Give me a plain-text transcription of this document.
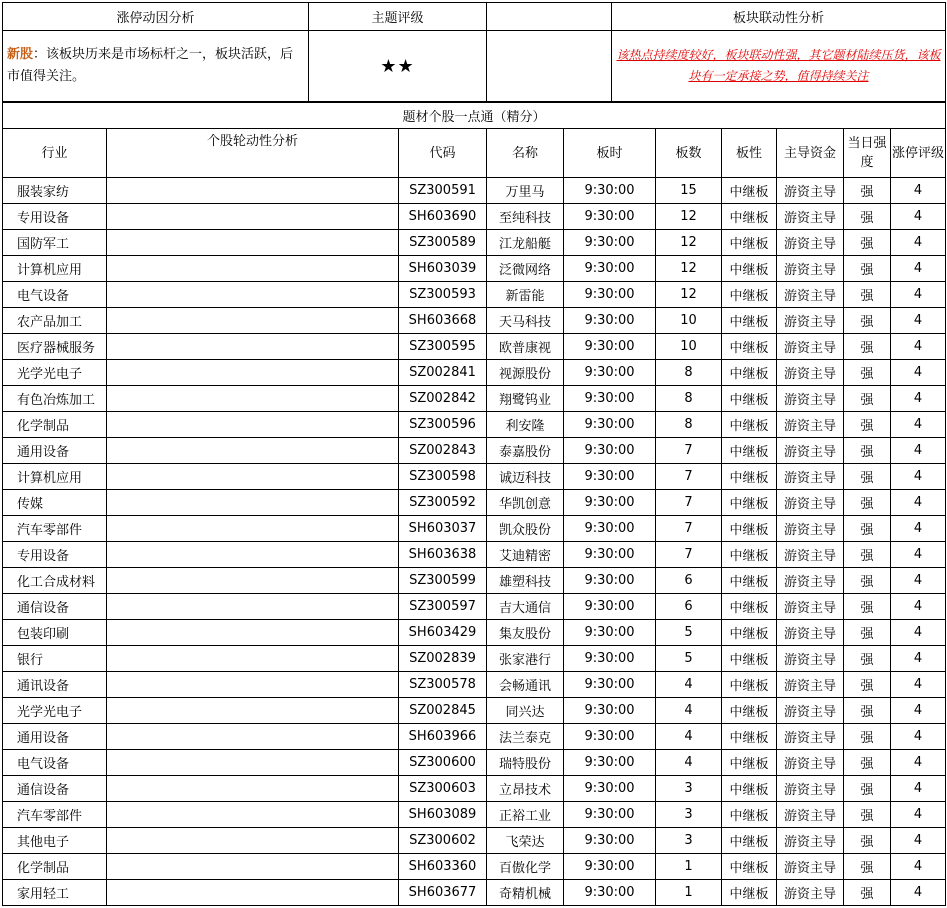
涨停动因分析	主题评级		板块联动性分析
新股：该板块历来是市场标杆之一，板块活跃，后市值得关注。	★★		该热点持续度较好，板块联动性强，其它题材陆续压货，该板块有一定承接之势，值得持续关注
题材个股一点通（精分）									
行业	个股轮动性分析	代码	名称	板时	板数	板性	主导资金	当日强度	涨停评级
服装家纺		SZ300591	万里马	9:30:00	15	中继板	游资主导	强	4
专用设备		SH603690	至纯科技	9:30:00	12	中继板	游资主导	强	4
国防军工		SZ300589	江龙船艇	9:30:00	12	中继板	游资主导	强	4
计算机应用		SH603039	泛微网络	9:30:00	12	中继板	游资主导	强	4
电气设备		SZ300593	新雷能	9:30:00	12	中继板	游资主导	强	4
农产品加工		SH603668	天马科技	9:30:00	10	中继板	游资主导	强	4
医疗器械服务		SZ300595	欧普康视	9:30:00	10	中继板	游资主导	强	4
光学光电子		SZ002841	视源股份	9:30:00	8	中继板	游资主导	强	4
有色冶炼加工		SZ002842	翔鹭钨业	9:30:00	8	中继板	游资主导	强	4
化学制品		SZ300596	利安隆	9:30:00	8	中继板	游资主导	强	4
通用设备		SZ002843	泰嘉股份	9:30:00	7	中继板	游资主导	强	4
计算机应用		SZ300598	诚迈科技	9:30:00	7	中继板	游资主导	强	4
传媒		SZ300592	华凯创意	9:30:00	7	中继板	游资主导	强	4
汽车零部件		SH603037	凯众股份	9:30:00	7	中继板	游资主导	强	4
专用设备		SH603638	艾迪精密	9:30:00	7	中继板	游资主导	强	4
化工合成材料		SZ300599	雄塑科技	9:30:00	6	中继板	游资主导	强	4
通信设备		SZ300597	吉大通信	9:30:00	6	中继板	游资主导	强	4
包装印刷		SH603429	集友股份	9:30:00	5	中继板	游资主导	强	4
银行		SZ002839	张家港行	9:30:00	5	中继板	游资主导	强	4
通讯设备		SZ300578	会畅通讯	9:30:00	4	中继板	游资主导	强	4
光学光电子		SZ002845	同兴达	9:30:00	4	中继板	游资主导	强	4
通用设备		SH603966	法兰泰克	9:30:00	4	中继板	游资主导	强	4
电气设备		SZ300600	瑞特股份	9:30:00	4	中继板	游资主导	强	4
通信设备		SZ300603	立昂技术	9:30:00	3	中继板	游资主导	强	4
汽车零部件		SH603089	正裕工业	9:30:00	3	中继板	游资主导	强	4
其他电子		SZ300602	飞荣达	9:30:00	3	中继板	游资主导	强	4
化学制品		SH603360	百傲化学	9:30:00	1	中继板	游资主导	强	4
家用轻工		SH603677	奇精机械	9:30:00	1	中继板	游资主导	强	4
